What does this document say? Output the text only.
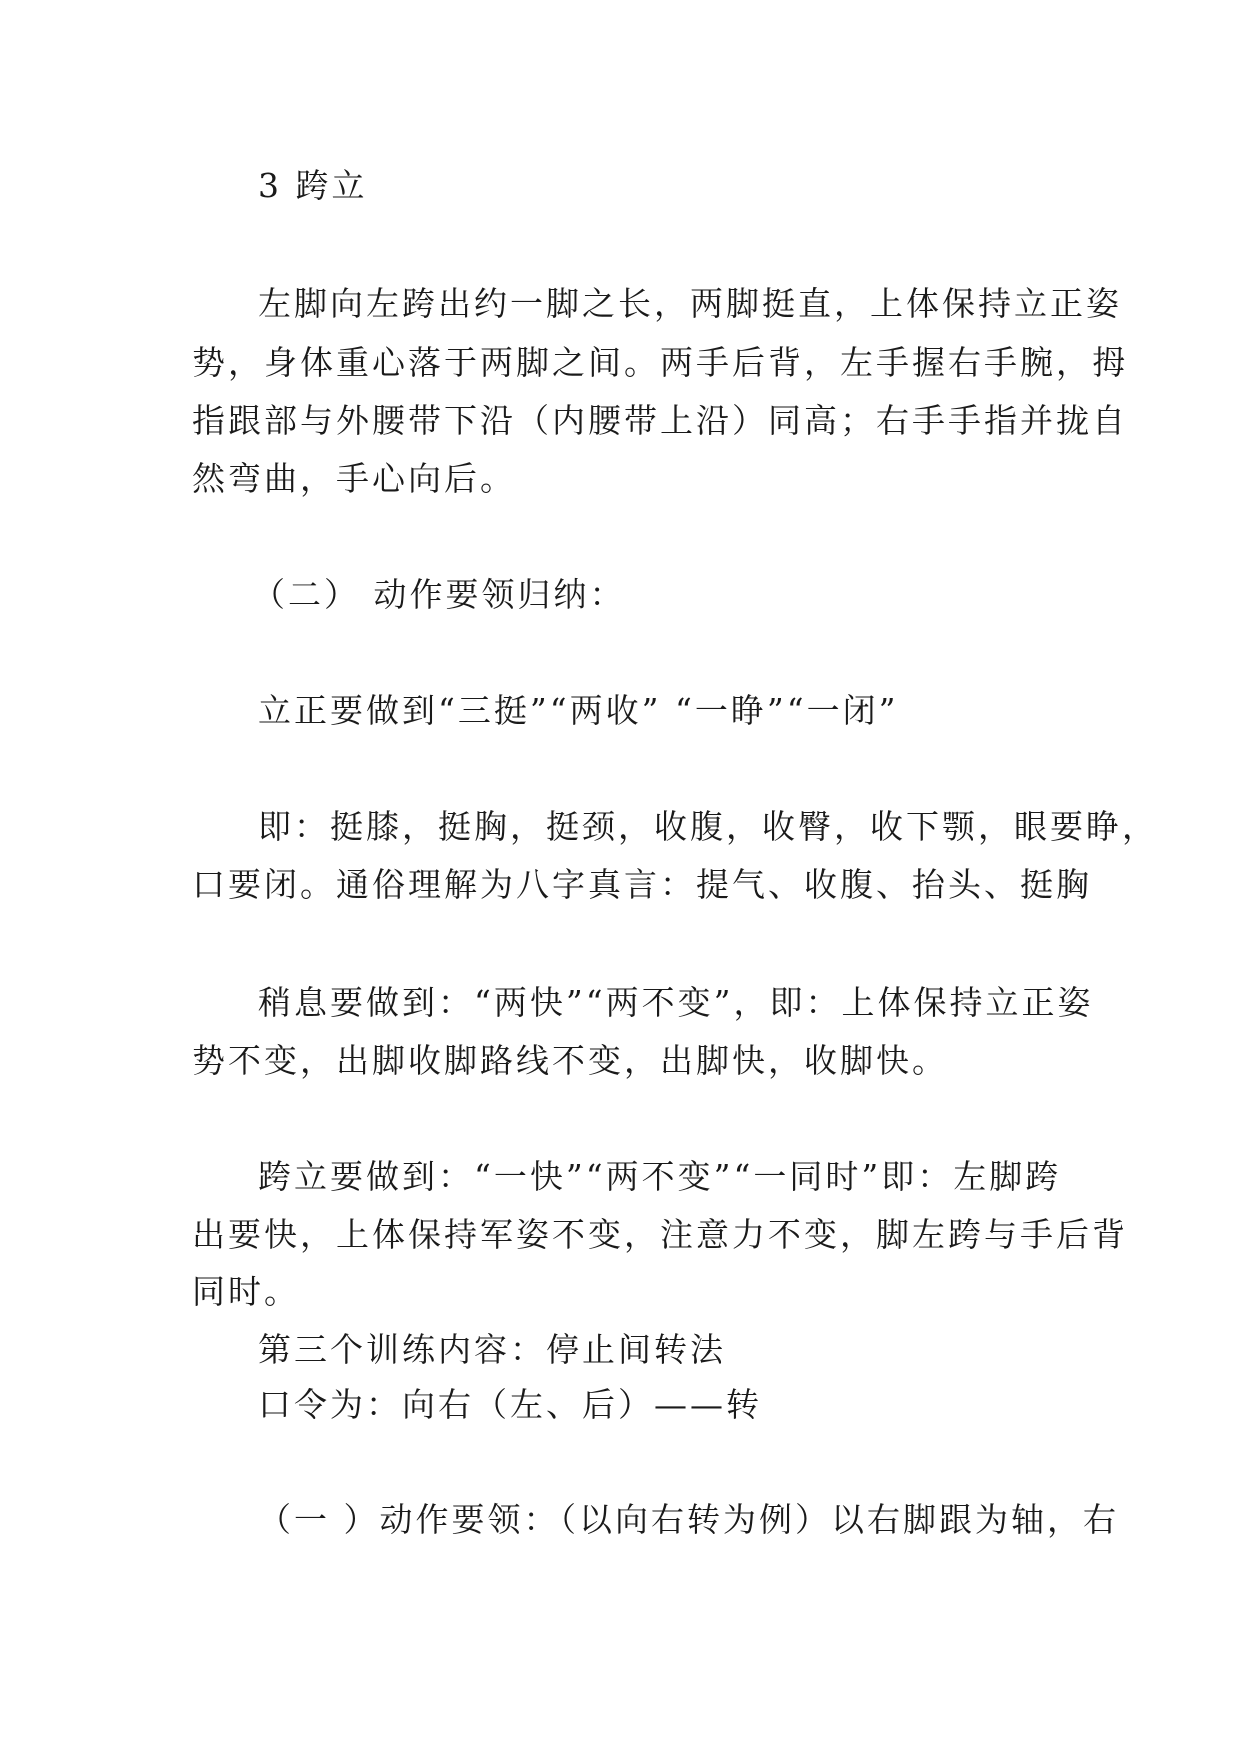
3 跨立
左脚向左跨出约一脚之长，两脚挺直，上体保持立正姿
势，身体重心落于两脚之间。两手后背，左手握右手腕，拇
指跟部与外腰带下沿（内腰带上沿）同高；右手手指并拢自
然弯曲，手心向后。
（二） 动作要领归纳：
立正要做到“三挺”“两收” “一睁”“一闭”
即：挺膝，挺胸，挺颈，收腹，收臀，收下颚，眼要睁，
口要闭。通俗理解为八字真言：提气、收腹、抬头、挺胸
稍息要做到：“两快”“两不变”，即：上体保持立正姿
势不变，出脚收脚路线不变，出脚快，收脚快。
跨立要做到：“一快”“两不变”“一同时”即：左脚跨
出要快，上体保持军姿不变，注意力不变，脚左跨与手后背
同时。
第三个训练内容：停止间转法
口令为：向右（左、后）——转
（一 ）动作要领：（以向右转为例）以右脚跟为轴，右
